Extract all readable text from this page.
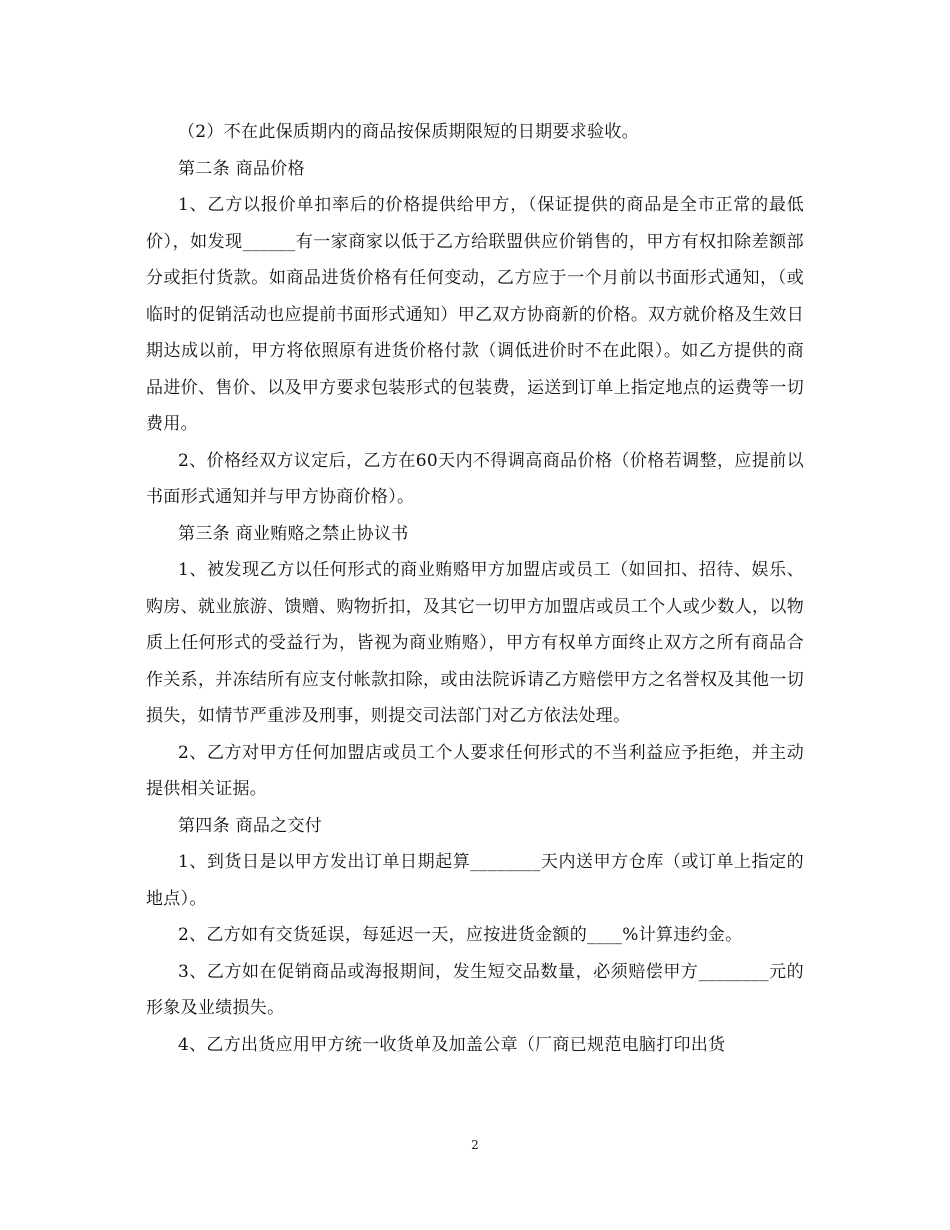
（2）不在此保质期内的商品按保质期限短的日期要求验收。

第二条 商品价格

1、乙方以报价单扣率后的价格提供给甲方，（保证提供的商品是全市正常的最低价），如发现______有一家商家以低于乙方给联盟供应价销售的，甲方有权扣除差额部分或拒付货款。如商品进货价格有任何变动，乙方应于一个月前以书面形式通知，（或临时的促销活动也应提前书面形式通知）甲乙双方协商新的价格。双方就价格及生效日期达成以前，甲方将依照原有进货价格付款（调低进价时不在此限）。如乙方提供的商品进价、售价、以及甲方要求包装形式的包装费，运送到订单上指定地点的运费等一切费用。

2、价格经双方议定后，乙方在60天内不得调高商品价格（价格若调整，应提前以书面形式通知并与甲方协商价格）。

第三条 商业贿赂之禁止协议书

1、被发现乙方以任何形式的商业贿赂甲方加盟店或员工（如回扣、招待、娱乐、购房、就业旅游、馈赠、购物折扣，及其它一切甲方加盟店或员工个人或少数人，以物质上任何形式的受益行为，皆视为商业贿赂），甲方有权单方面终止双方之所有商品合作关系，并冻结所有应支付帐款扣除，或由法院诉请乙方赔偿甲方之名誉权及其他一切损失，如情节严重涉及刑事，则提交司法部门对乙方依法处理。

2、乙方对甲方任何加盟店或员工个人要求任何形式的不当利益应予拒绝，并主动提供相关证据。

第四条 商品之交付

1、到货日是以甲方发出订单日期起算________天内送甲方仓库（或订单上指定的地点）。

2、乙方如有交货延误，每延迟一天，应按进货金额的____%计算违约金。

3、乙方如在促销商品或海报期间，发生短交品数量，必须赔偿甲方________元的形象及业绩损失。

4、乙方出货应用甲方统一收货单及加盖公章（厂商已规范电脑打印出货

2
